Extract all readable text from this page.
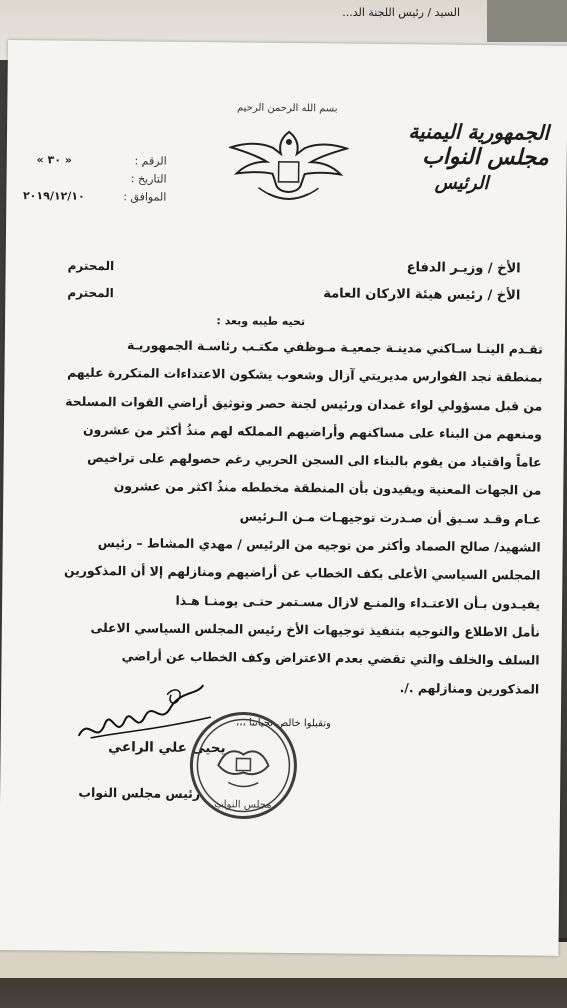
السيد / رئيس اللجنة الد...
بسم الله الرحمن الرحيم
الجمهورية اليمنية
مجلس النواب
الرئيس
« ٣٠ »	الرقم :
التاريخ :
٢٠١٩/١٢/١٠	الموافق :
الأخ / وزيـر الدفاع
المحترم
الأخ / رئيس هيئة الاركان العامة
المحترم
تحيه طيبه وبعد :

تقـدم الينـا سـاكني مدينـة جمعيـة مـوظفي مكتـب رئاسـة الجمهوريـة

بمنطقة نجد الفوارس مديريتي آزال وشعوب يشكون الاعتداءات المتكررة عليهم

من قبل مسؤولي لواء غمدان ورئيس لجنة حصر وتوثيق أراضي القوات المسلحة

ومنعهم من البناء على مساكنهم وأراضيهم المملكه لهم منذُ أكثر من عشرون

عاماً واقتياد من يقوم بالبناء الى السجن الحربي رغم حصولهم على تراخيص

من الجهات المعنية ويفيدون بأن المنطقة مخططه منذُ اكثر من عشرون

عـام وقـد سـبق أن صـدرت توجيهـات مـن الـرئيس

الشهيد/ صالح الصماد وأكثر من توجيه من الرئيس / مهدي المشاط – رئيس

المجلس السياسي الأعلى بكف الخطاب عن أراضيهم ومنازلهم إلا أن المذكورين

يفيـدون بـأن الاعتـداء والمنـع لازال مسـتمر حتـى يومنـا هـذا

نأمل الاطلاع والتوجيه بتنفيذ توجيهات الأخ رئيس المجلس السياسي الاعلى

السلف والخلف والتي تقضي بعدم الاعتراض وكف الخطاب عن أراضي

المذكورين ومنازلهم ./.

وتقبلوا خالص تحياتنا ،،،
يحيى علي الراعي
رئيس مجلس النواب
مجلس النواب
